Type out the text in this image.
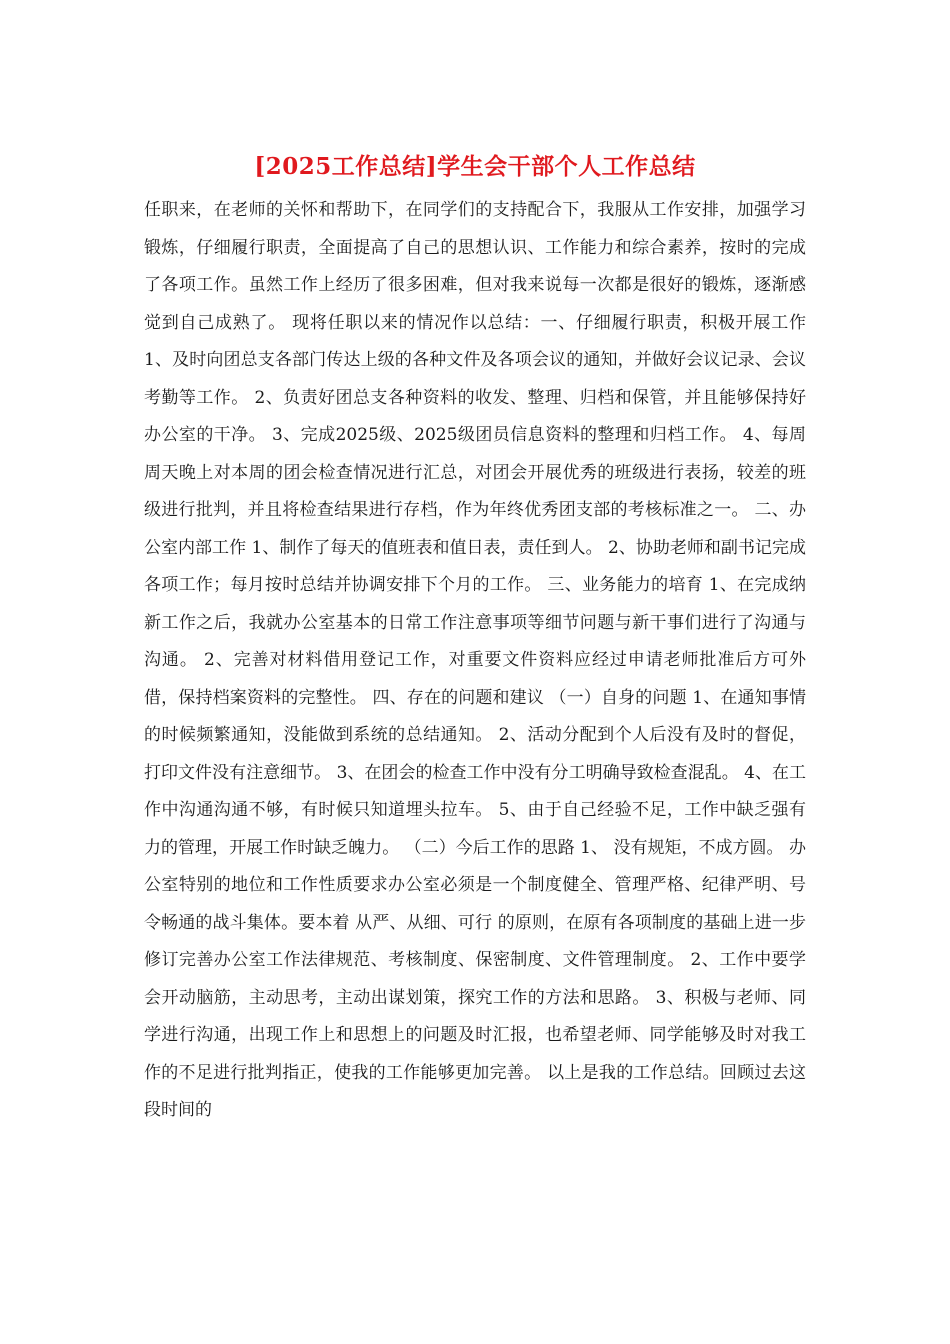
[2025工作总结]学生会干部个人工作总结

任职来，在老师的关怀和帮助下，在同学们的支持配合下，我服从工作安排，加强学习锻炼，仔细履行职责，全面提高了自己的思想认识、工作能力和综合素养，按时的完成了各项工作。虽然工作上经历了很多困难，但对我来说每一次都是很好的锻炼，逐渐感觉到自己成熟了。 现将任职以来的情况作以总结：一、仔细履行职责，积极开展工作 1、及时向团总支各部门传达上级的各种文件及各项会议的通知，并做好会议记录、会议考勤等工作。 2、负责好团总支各种资料的收发、整理、归档和保管，并且能够保持好办公室的干净。 3、完成2025级、2025级团员信息资料的整理和归档工作。 4、每周周天晚上对本周的团会检查情况进行汇总，对团会开展优秀的班级进行表扬，较差的班级进行批判，并且将检查结果进行存档，作为年终优秀团支部的考核标准之一。 二、办公室内部工作 1、制作了每天的值班表和值日表，责任到人。 2、协助老师和副书记完成各项工作；每月按时总结并协调安排下个月的工作。 三、业务能力的培育 1、在完成纳新工作之后，我就办公室基本的日常工作注意事项等细节问题与新干事们进行了沟通与沟通。 2、完善对材料借用登记工作，对重要文件资料应经过申请老师批准后方可外借，保持档案资料的完整性。 四、存在的问题和建议 （一）自身的问题 1、在通知事情的时候频繁通知，没能做到系统的总结通知。 2、活动分配到个人后没有及时的督促，打印文件没有注意细节。 3、在团会的检查工作中没有分工明确导致检查混乱。 4、在工作中沟通沟通不够，有时候只知道埋头拉车。 5、由于自己经验不足，工作中缺乏强有力的管理，开展工作时缺乏魄力。 （二）今后工作的思路 1、 没有规矩，不成方圆。 办公室特别的地位和工作性质要求办公室必须是一个制度健全、管理严格、纪律严明、号令畅通的战斗集体。要本着 从严、从细、可行 的原则，在原有各项制度的基础上进一步修订完善办公室工作法律规范、考核制度、保密制度、文件管理制度。 2、工作中要学会开动脑筋，主动思考，主动出谋划策，探究工作的方法和思路。 3、积极与老师、同学进行沟通，出现工作上和思想上的问题及时汇报，也希望老师、同学能够及时对我工作的不足进行批判指正，使我的工作能够更加完善。 以上是我的工作总结。回顾过去这段时间的
